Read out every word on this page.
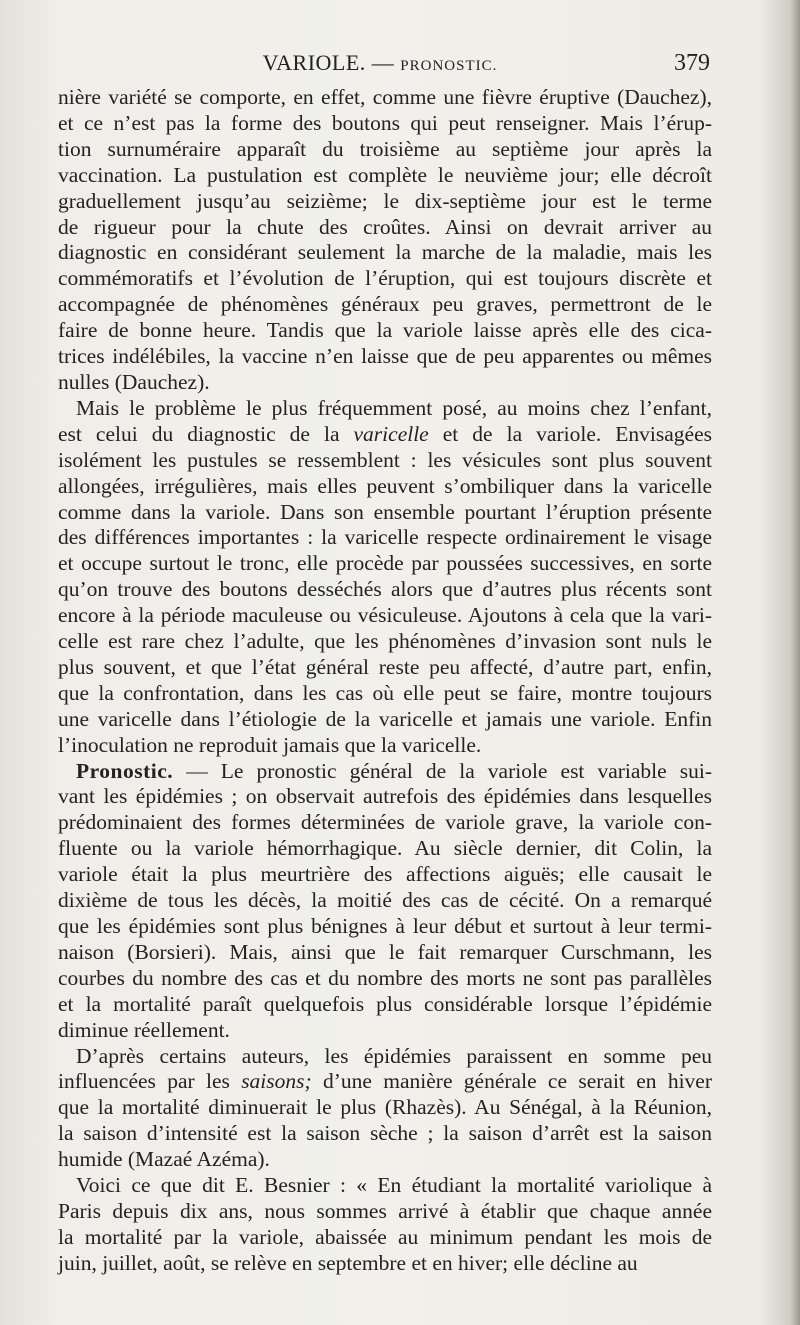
VARIOLE. — PRONOSTIC.	379

nière variété se comporte, en effet, comme une fièvre éruptive (Dauchez),

et ce n’est pas la forme des boutons qui peut renseigner. Mais l’érup-

tion surnuméraire apparaît du troisième au septième jour après la

vaccination. La pustulation est complète le neuvième jour; elle décroît

graduellement jusqu’au seizième; le dix-septième jour est le terme

de rigueur pour la chute des croûtes. Ainsi on devrait arriver au

diagnostic en considérant seulement la marche de la maladie, mais les

commémoratifs et l’évolution de l’éruption, qui est toujours discrète et

accompagnée de phénomènes généraux peu graves, permettront de le

faire de bonne heure. Tandis que la variole laisse après elle des cica-

trices indélébiles, la vaccine n’en laisse que de peu apparentes ou mêmes

nulles (Dauchez).

Mais le problème le plus fréquemment posé, au moins chez l’enfant,

est celui du diagnostic de la varicelle et de la variole. Envisagées

isolément les pustules se ressemblent : les vésicules sont plus souvent

allongées, irrégulières, mais elles peuvent s’ombiliquer dans la varicelle

comme dans la variole. Dans son ensemble pourtant l’éruption présente

des différences importantes : la varicelle respecte ordinairement le visage

et occupe surtout le tronc, elle procède par poussées successives, en sorte

qu’on trouve des boutons desséchés alors que d’autres plus récents sont

encore à la période maculeuse ou vésiculeuse. Ajoutons à cela que la vari-

celle est rare chez l’adulte, que les phénomènes d’invasion sont nuls le

plus souvent, et que l’état général reste peu affecté, d’autre part, enfin,

que la confrontation, dans les cas où elle peut se faire, montre toujours

une varicelle dans l’étiologie de la varicelle et jamais une variole. Enfin

l’inoculation ne reproduit jamais que la varicelle.

Pronostic. — Le pronostic général de la variole est variable sui-

vant les épidémies ; on observait autrefois des épidémies dans lesquelles

prédominaient des formes déterminées de variole grave, la variole con-

fluente ou la variole hémorrhagique. Au siècle dernier, dit Colin, la

variole était la plus meurtrière des affections aiguës; elle causait le

dixième de tous les décès, la moitié des cas de cécité. On a remarqué

que les épidémies sont plus bénignes à leur début et surtout à leur termi-

naison (Borsieri). Mais, ainsi que le fait remarquer Curschmann, les

courbes du nombre des cas et du nombre des morts ne sont pas parallèles

et la mortalité paraît quelquefois plus considérable lorsque l’épidémie

diminue réellement.

D’après certains auteurs, les épidémies paraissent en somme peu

influencées par les saisons; d’une manière générale ce serait en hiver

que la mortalité diminuerait le plus (Rhazès). Au Sénégal, à la Réunion,

la saison d’intensité est la saison sèche ; la saison d’arrêt est la saison

humide (Mazaé Azéma).

Voici ce que dit E. Besnier : « En étudiant la mortalité variolique à

Paris depuis dix ans, nous sommes arrivé à établir que chaque année

la mortalité par la variole, abaissée au minimum pendant les mois de

juin, juillet, août, se relève en septembre et en hiver; elle décline au
